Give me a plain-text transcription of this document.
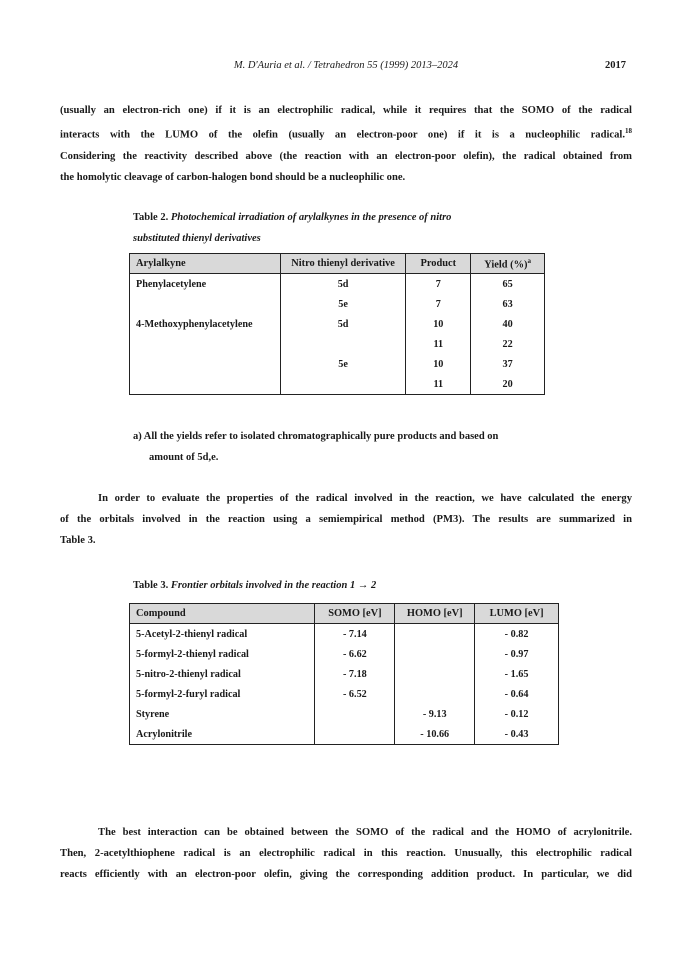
M. D'Auria et al. / Tetrahedron 55 (1999) 2013–2024	2017
(usually an electron-rich one) if it is an electrophilic radical, while it requires that the SOMO of the radical
interacts with the LUMO of the olefin (usually an electron-poor one) if it is a nucleophilic radical.$^{18}$
Considering the reactivity described above (the reaction with an electron-poor olefin), the radical obtained from
the homolytic cleavage of carbon-halogen bond should be a nucleophilic one.
Table 2. Photochemical irradiation of arylalkynes in the presence of nitro
substituted thienyl derivatives
Arylalkyne	Nitro thienyl derivative	Product	Yield (%)$^a$
Phenylacetylene	5d	7	65
	5e	7	63
4-Methoxyphenylacetylene	5d	10	40
		11	22
	5e	10	37
		11	20
a) All the yields refer to isolated chromatographically pure products and based on
amount of 5d,e.
In order to evaluate the properties of the radical involved in the reaction, we have calculated the energy
of the orbitals involved in the reaction using a semiempirical method (PM3). The results are summarized in
Table 3.
Table 3. Frontier orbitals involved in the reaction 1 → 2
Compound	SOMO [eV]	HOMO [eV]	LUMO [eV]
5-Acetyl-2-thienyl radical	- 7.14		- 0.82
5-formyl-2-thienyl radical	- 6.62		- 0.97
5-nitro-2-thienyl radical	- 7.18		- 1.65
5-formyl-2-furyl radical	- 6.52		- 0.64
Styrene		- 9.13	- 0.12
Acrylonitrile		- 10.66	- 0.43
The best interaction can be obtained between the SOMO of the radical and the HOMO of acrylonitrile.
Then, 2-acetylthiophene radical is an electrophilic radical in this reaction. Unusually, this electrophilic radical
reacts efficiently with an electron-poor olefin, giving the corresponding addition product. In particular, we did
